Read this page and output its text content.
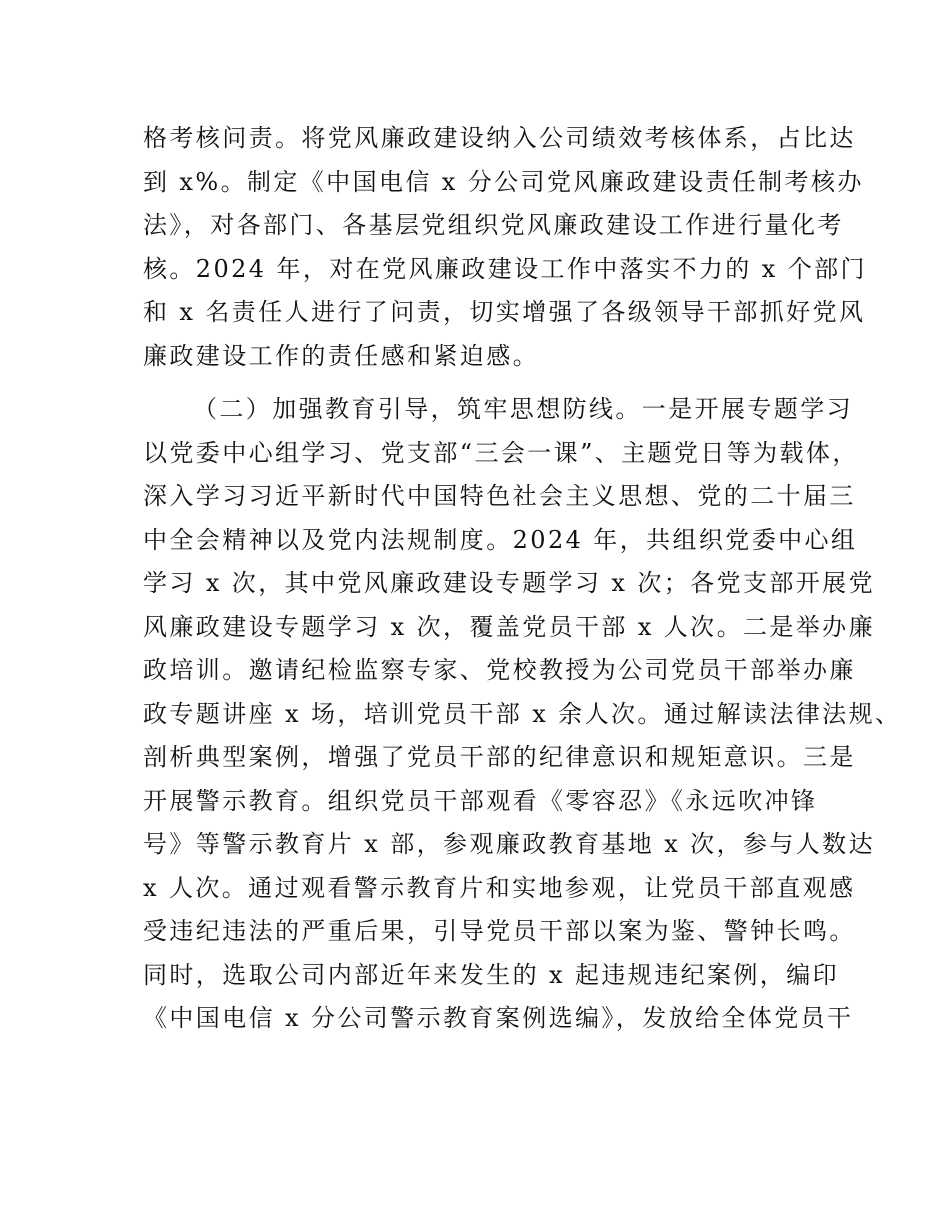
格考核问责。将党风廉政建设纳入公司绩效考核体系，占比达
到 x%。制定《中国电信 x 分公司党风廉政建设责任制考核办
法》，对各部门、各基层党组织党风廉政建设工作进行量化考
核。2024 年，对在党风廉政建设工作中落实不力的 x 个部门
和 x 名责任人进行了问责，切实增强了各级领导干部抓好党风
廉政建设工作的责任感和紧迫感。
（二）加强教育引导，筑牢思想防线。一是开展专题学习
以党委中心组学习、党支部“三会一课”、主题党日等为载体，
深入学习习近平新时代中国特色社会主义思想、党的二十届三
中全会精神以及党内法规制度。2024 年，共组织党委中心组
学习 x 次，其中党风廉政建设专题学习 x 次；各党支部开展党
风廉政建设专题学习 x 次，覆盖党员干部 x 人次。二是举办廉
政培训。邀请纪检监察专家、党校教授为公司党员干部举办廉
政专题讲座 x 场，培训党员干部 x 余人次。通过解读法律法规、
剖析典型案例，增强了党员干部的纪律意识和规矩意识。三是
开展警示教育。组织党员干部观看《零容忍》《永远吹冲锋
号》等警示教育片 x 部，参观廉政教育基地 x 次，参与人数达
x 人次。通过观看警示教育片和实地参观，让党员干部直观感
受违纪违法的严重后果，引导党员干部以案为鉴、警钟长鸣。
同时，选取公司内部近年来发生的 x 起违规违纪案例，编印
《中国电信 x 分公司警示教育案例选编》，发放给全体党员干
